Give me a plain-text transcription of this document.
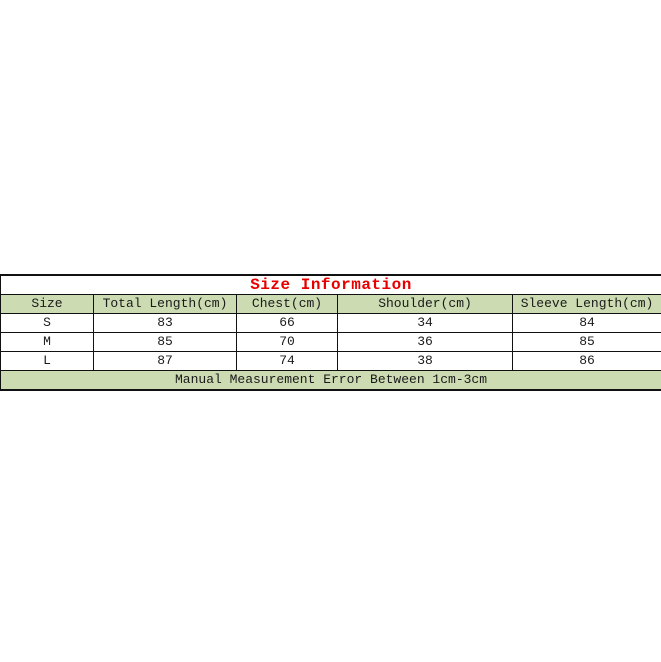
Size Information				
Size	Total Length(cm)	Chest(cm)	Shoulder(cm)	Sleeve Length(cm)
S	83	66	34	84
M	85	70	36	85
L	87	74	38	86
Manual Measurement Error Between 1cm-3cm				
